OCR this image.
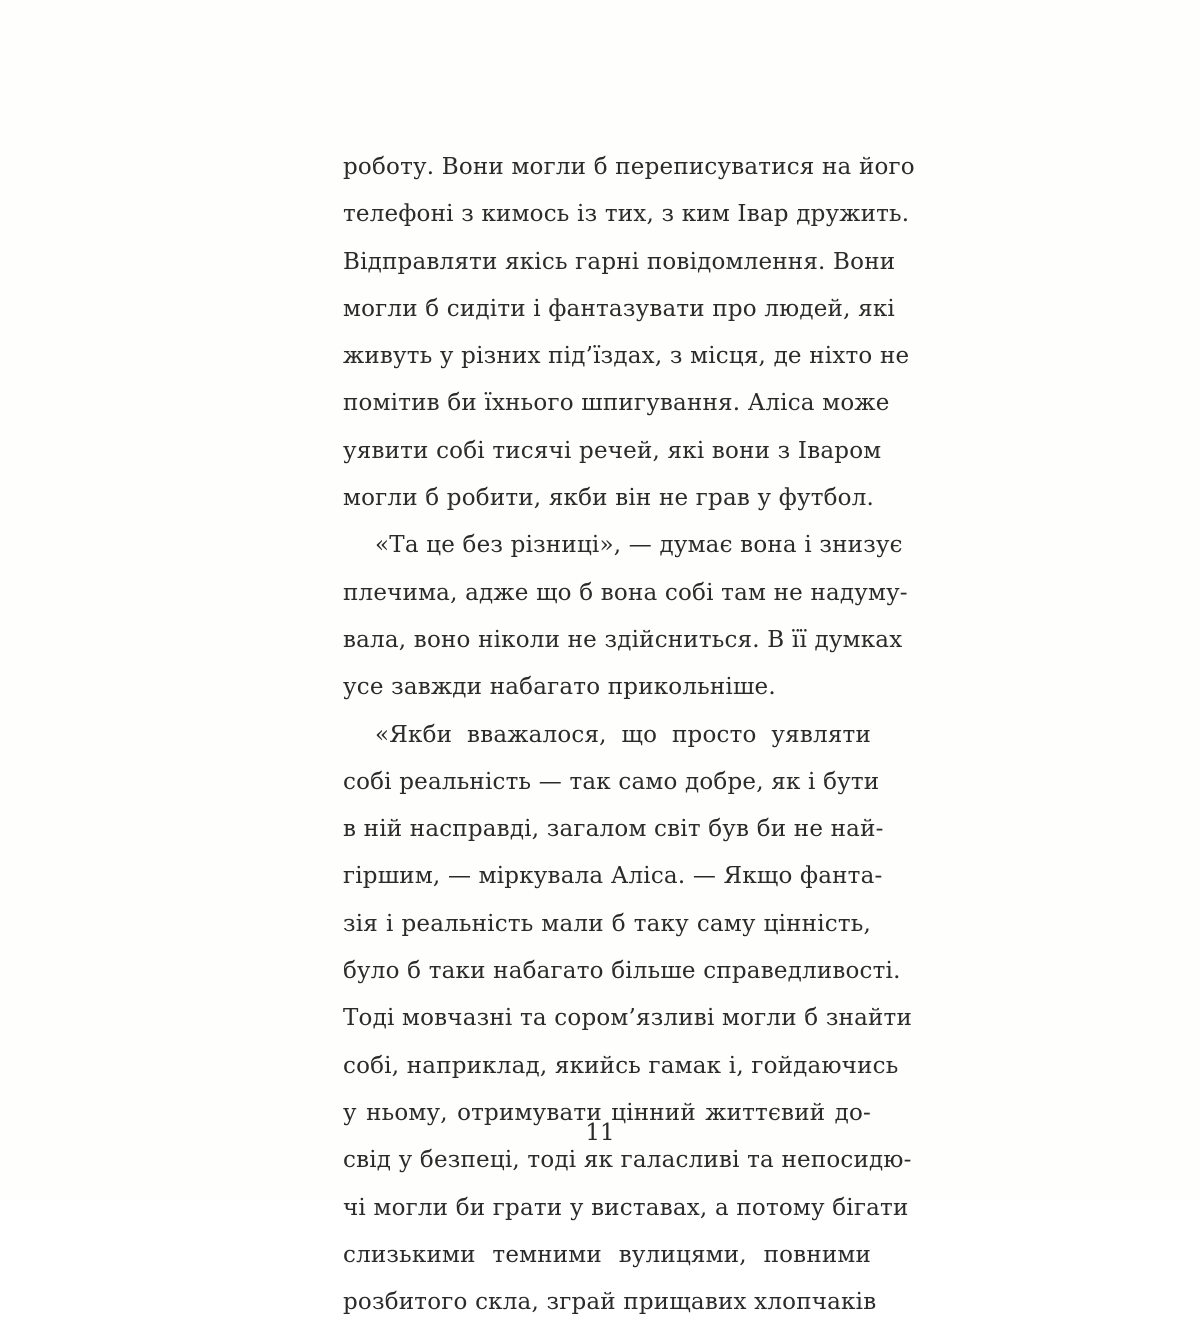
роботу. Вони могли б переписуватися на його
телефоні з кимось із тих, з ким Івар дружить.
Відправляти якісь гарні повідомлення. Вони
могли б сидіти і фантазувати про людей, які
живуть у різних під’їздах, з місця, де ніхто не
помітив би їхнього шпигування. Аліса може
уявити собі тисячі речей, які вони з Іваром
могли б робити, якби він не грав у футбол.
«Та це без різниці», — думає вона і знизує
плечима, адже що б вона собі там не надуму-
вала, воно ніколи не здійсниться. В її думках
усе завжди набагато прикольніше.
«Якби вважалося, що просто уявляти
собі реальність — так само добре, як і бути
в ній насправді, загалом світ був би не най-
гіршим, — міркувала Аліса. — Якщо фанта-
зія і реальність мали б таку саму цінність,
було б таки набагато більше справедливості.
Тоді мовчазні та сором’язливі могли б знайти
собі, наприклад, якийсь гамак і, гойдаючись
у ньому, отримувати цінний життєвий до-
свід у безпеці, тоді як галасливі та непосидю-
чі могли би грати у виставах, а потому бігати
слизькими темними вулицями, повними
розбитого скла, зграй прищавих хлопчаків
11
